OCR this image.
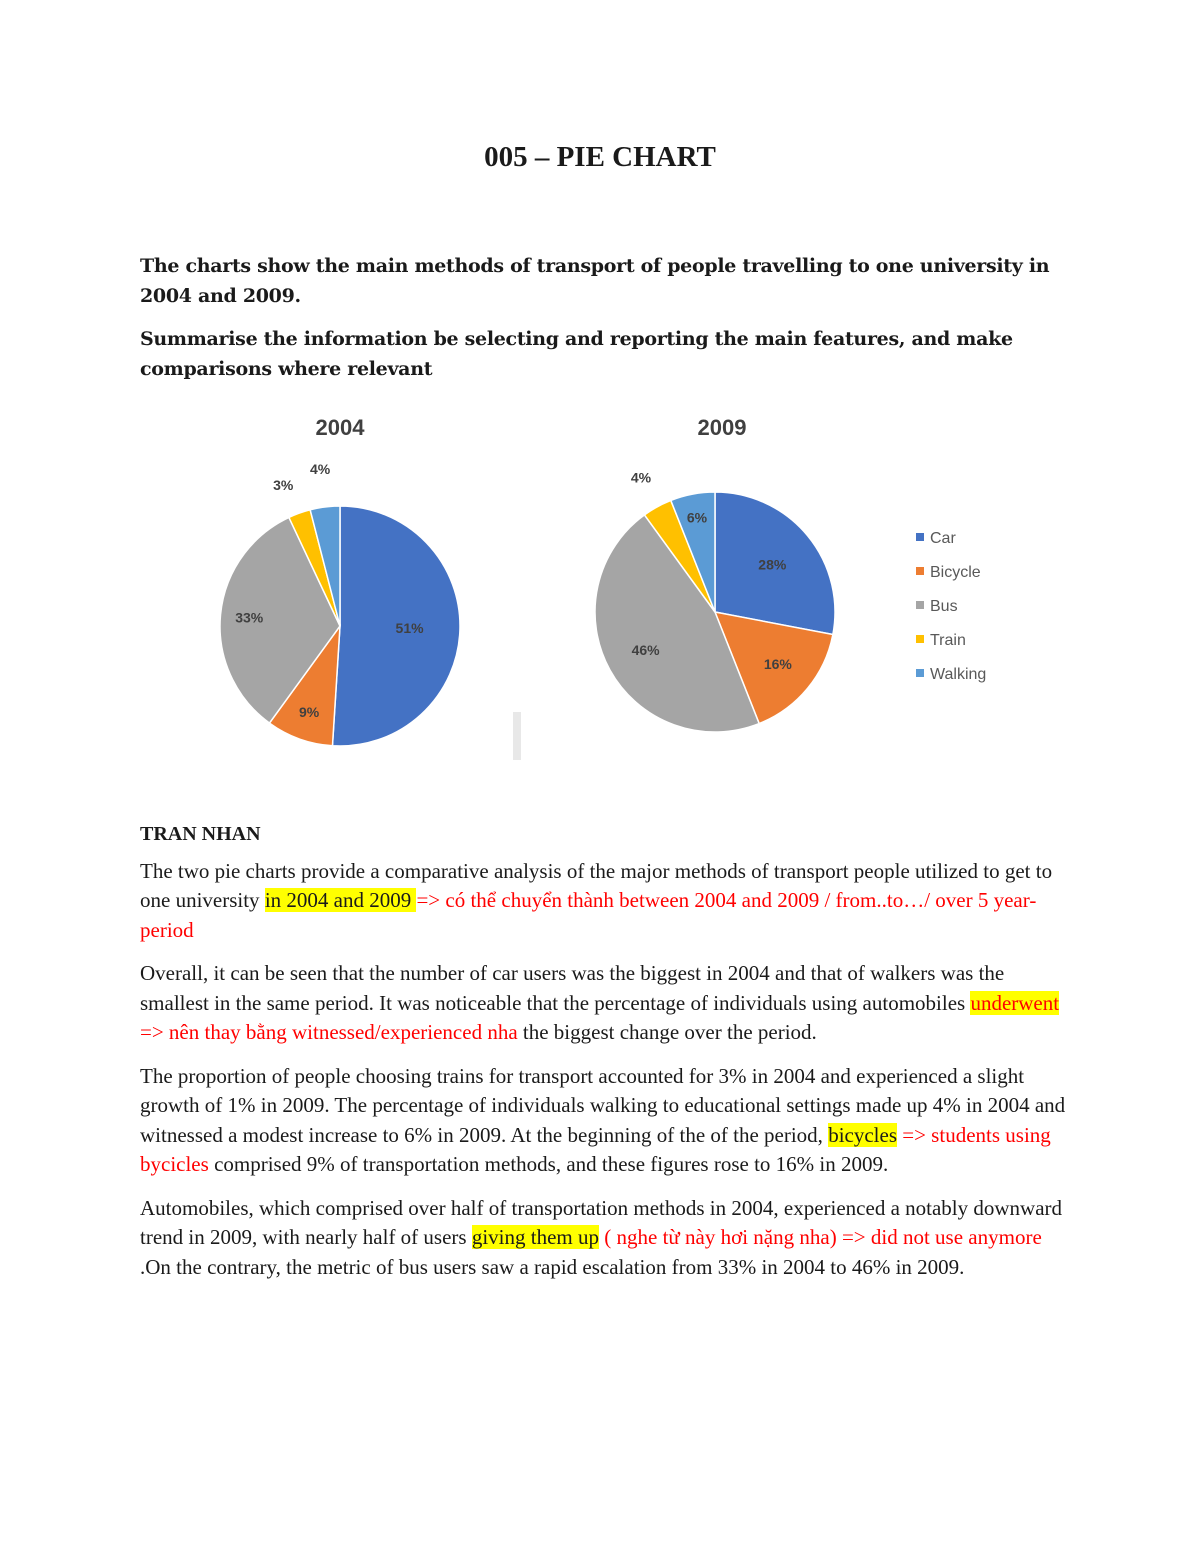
005 – PIE CHART

The charts show the main methods of transport of people travelling to one university in 2004 and 2009.

Summarise the information be selecting and reporting the main features, and make comparisons where relevant

2004
51%
9%
33%
3%
4%
2009
28%
16%
46%
4%
6%
Car
Bicycle
Bus
Train
Walking
TRAN NHAN

The two pie charts provide a comparative analysis of the major methods of transport people utilized to get to one university in 2004 and 2009 => có thể chuyển thành between 2004 and 2009 / from..to…/ over 5 year-period

Overall, it can be seen that the number of car users was the biggest in 2004 and that of walkers was the smallest in the same period. It was noticeable that the percentage of individuals using automobiles underwent => nên thay bằng witnessed/experienced nha the biggest change over the period.

The proportion of people choosing trains for transport accounted for 3% in 2004 and experienced a slight growth of 1% in 2009. The percentage of individuals walking to educational settings made up 4% in 2004 and witnessed a modest increase to 6% in 2009. At the beginning of the of the period, bicycles => students using bycicles comprised 9% of transportation methods, and these figures rose to 16% in 2009.

Automobiles, which comprised over half of transportation methods in 2004, experienced a notably downward trend in 2009, with nearly half of users giving them up ( nghe từ này hơi nặng nha) => did not use anymore .On the contrary, the metric of bus users saw a rapid escalation from 33% in 2004 to 46% in 2009.
